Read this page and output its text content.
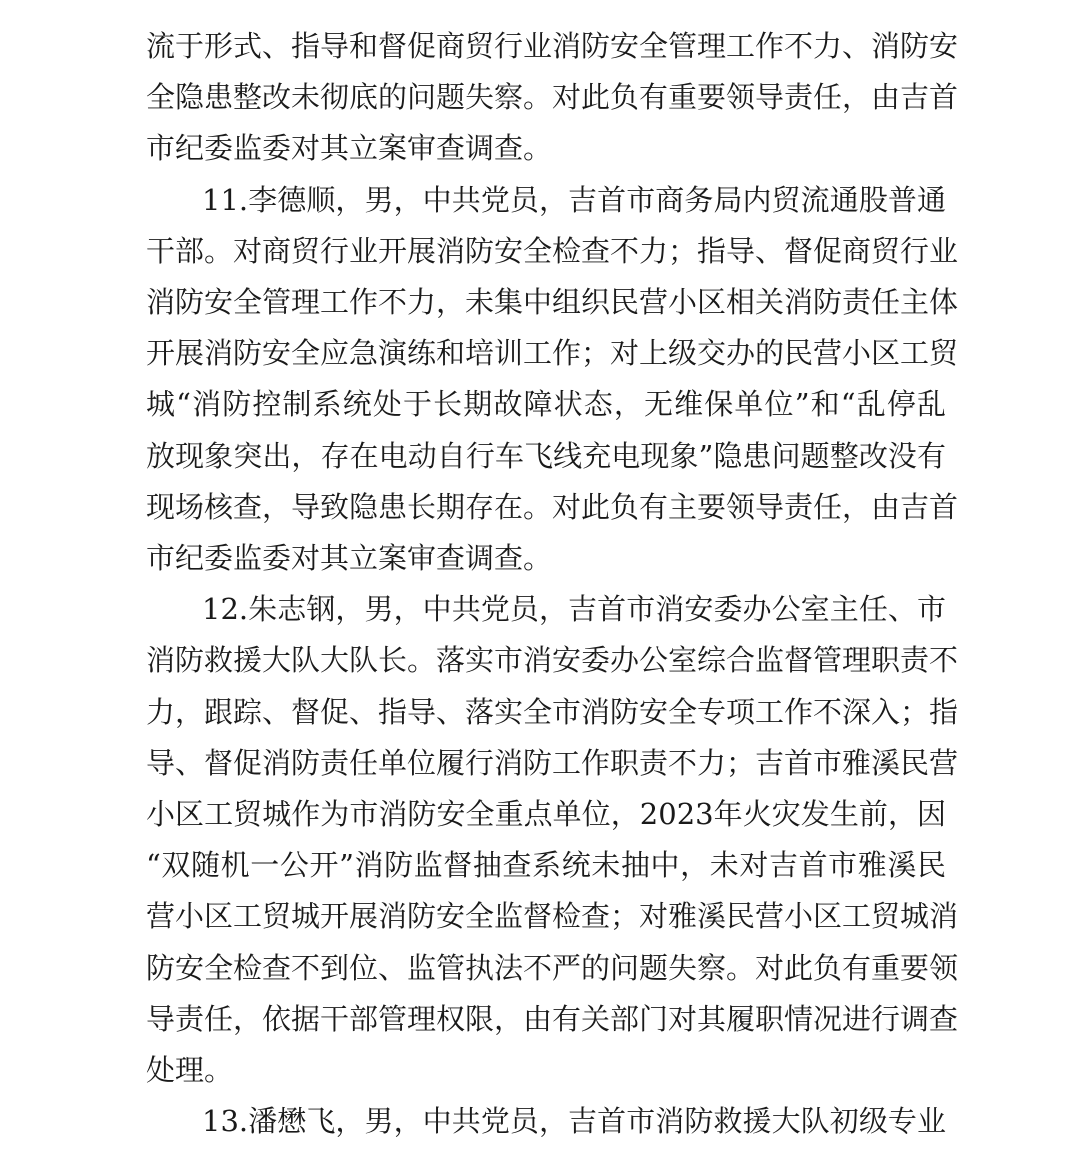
流于形式、指导和督促商贸行业消防安全管理工作不力、消防安
全隐患整改未彻底的问题失察。对此负有重要领导责任，由吉首
市纪委监委对其立案审查调查。
11.李德顺，男，中共党员，吉首市商务局内贸流通股普通
干部。对商贸行业开展消防安全检查不力；指导、督促商贸行业
消防安全管理工作不力，未集中组织民营小区相关消防责任主体
开展消防安全应急演练和培训工作；对上级交办的民营小区工贸
城“消防控制系统处于长期故障状态，无维保单位”和“乱停乱
放现象突出，存在电动自行车飞线充电现象”隐患问题整改没有
现场核查，导致隐患长期存在。对此负有主要领导责任，由吉首
市纪委监委对其立案审查调查。
12.朱志钢，男，中共党员，吉首市消安委办公室主任、市
消防救援大队大队长。落实市消安委办公室综合监督管理职责不
力，跟踪、督促、指导、落实全市消防安全专项工作不深入；指
导、督促消防责任单位履行消防工作职责不力；吉首市雅溪民营
小区工贸城作为市消防安全重点单位，2023年火灾发生前，因
“双随机一公开”消防监督抽查系统未抽中，未对吉首市雅溪民
营小区工贸城开展消防安全监督检查；对雅溪民营小区工贸城消
防安全检查不到位、监管执法不严的问题失察。对此负有重要领
导责任，依据干部管理权限，由有关部门对其履职情况进行调查
处理。
13.潘懋飞，男，中共党员，吉首市消防救援大队初级专业
